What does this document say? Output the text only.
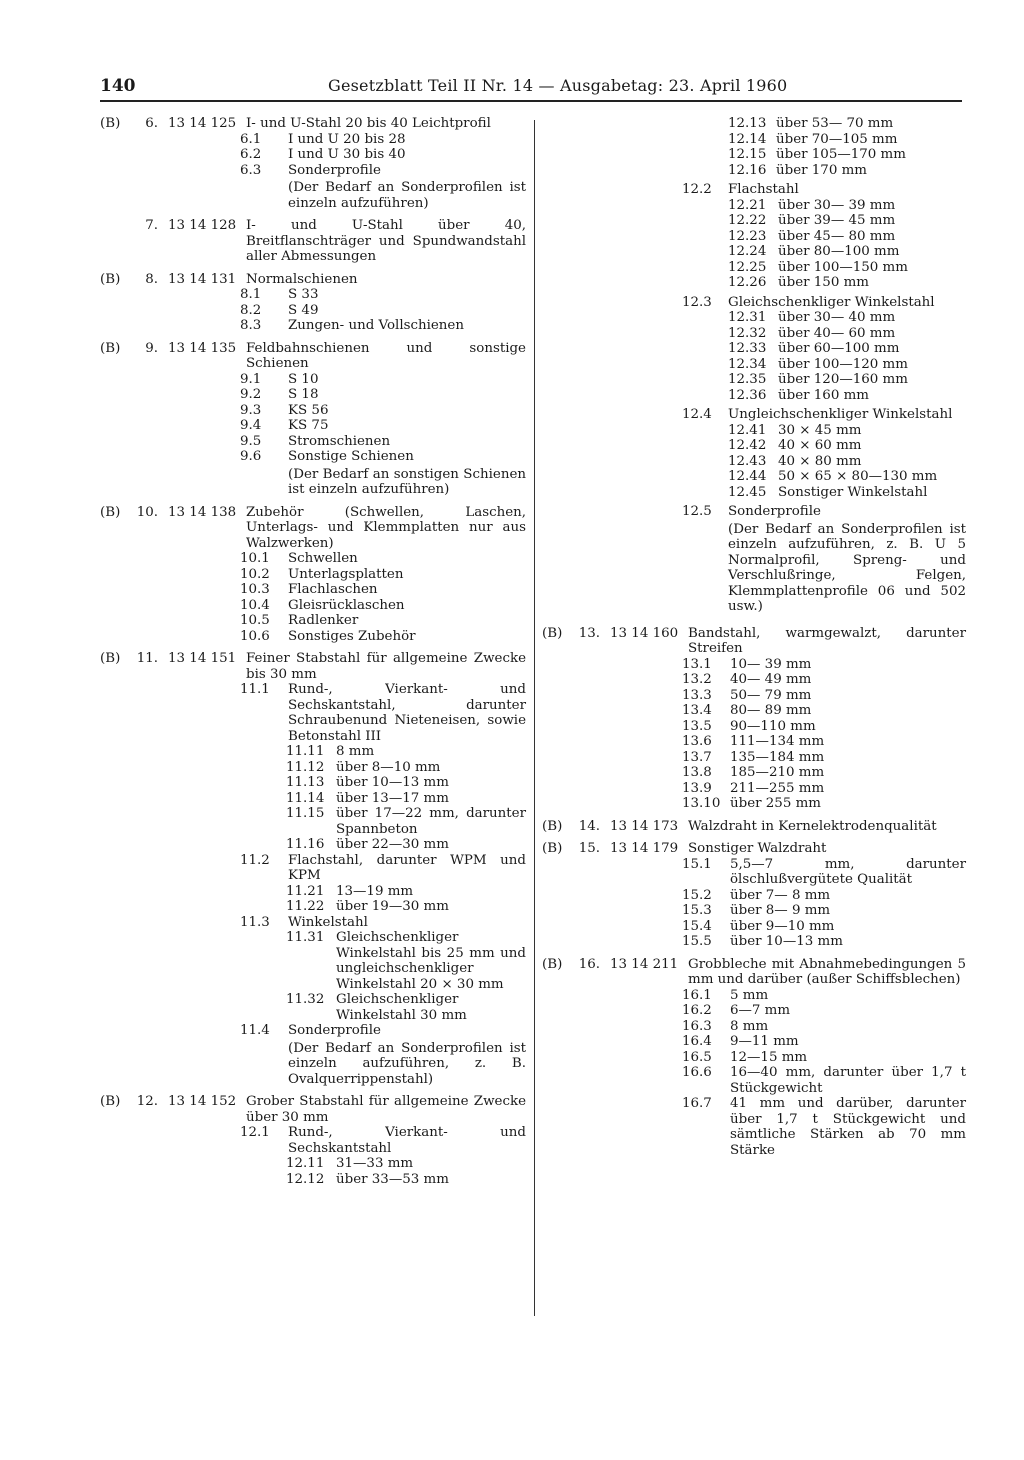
140	Gesetzblatt Teil II Nr. 14 — Ausgabetag: 23. April 1960
(B)	6. 13 14 125 I- und U-Stahl 20 bis 40 Leichtprofil
6.1	I und U 20 bis 28
6.2	I und U 30 bis 40
6.3	Sonderprofile
(Der Bedarf an Sonderprofilen ist einzeln aufzuführen)
7. 13 14 128 I- und U-Stahl über 40, Breitflanschträger und Spundwandstahl aller Abmessungen
(B)	8. 13 14 131 Normalschienen
8.1	S 33
8.2	S 49
8.3	Zungen- und Vollschienen
(B)	9. 13 14 135 Feldbahnschienen und sonstige Schienen
9.1	S 10
9.2	S 18
9.3	KS 56
9.4	KS 75
9.5	Stromschienen
9.6	Sonstige Schienen
(Der Bedarf an sonstigen Schienen ist einzeln aufzuführen)
(B)	10. 13 14 138 Zubehör (Schwellen, Laschen, Unterlags- und Klemmplatten nur aus Walzwerken)
10.1	Schwellen
10.2	Unterlagsplatten
10.3	Flachlaschen
10.4	Gleisrücklaschen
10.5	Radlenker
10.6	Sonstiges Zubehör
(B)	11. 13 14 151 Feiner Stabstahl für allgemeine Zwecke bis 30 mm
11.1	Rund-, Vierkant- und Sechskantstahl, darunter Schraubenund Nieteneisen, sowie Betonstahl III
11.11 8 mm
11.12 über 8—10 mm
11.13 über 10—13 mm
11.14 über 13—17 mm
11.15 über 17—22 mm, darunter Spannbeton
11.16 über 22—30 mm
11.2	Flachstahl, darunter WPM und KPM
11.21 13—19 mm
11.22 über 19—30 mm
11.3	Winkelstahl
11.31 Gleichschenkliger Winkelstahl bis 25 mm und ungleichschenkliger Winkelstahl 20 × 30 mm
11.32 Gleichschenkliger Winkelstahl 30 mm
11.4	Sonderprofile
(Der Bedarf an Sonderprofilen ist einzeln aufzuführen, z. B. Ovalquerrippenstahl)
(B)	12. 13 14 152 Grober Stabstahl für allgemeine Zwecke über 30 mm
12.1	Rund-, Vierkant- und Sechskantstahl
12.11 31—33 mm
12.12 über 33—53 mm
12.13 über 53— 70 mm
12.14 über 70—105 mm
12.15 über 105—170 mm
12.16 über 170 mm
12.2	Flachstahl
12.21 über 30— 39 mm
12.22 über 39— 45 mm
12.23 über 45— 80 mm
12.24 über 80—100 mm
12.25 über 100—150 mm
12.26 über 150 mm
12.3	Gleichschenkliger Winkelstahl
12.31 über 30— 40 mm
12.32 über 40— 60 mm
12.33 über 60—100 mm
12.34 über 100—120 mm
12.35 über 120—160 mm
12.36 über 160 mm
12.4	Ungleichschenkliger Winkelstahl
12.41 30 × 45 mm
12.42 40 × 60 mm
12.43 40 × 80 mm
12.44 50 × 65 × 80—130 mm
12.45 Sonstiger Winkelstahl
12.5	Sonderprofile
(Der Bedarf an Sonderprofilen ist einzeln aufzuführen, z. B. U 5 Normalprofil, Spreng- und Verschlußringe, Felgen, Klemmplattenprofile 06 und 502 usw.)
(B)	13. 13 14 160 Bandstahl, warmgewalzt, darunter Streifen
13.1	10— 39 mm
13.2	40— 49 mm
13.3	50— 79 mm
13.4	80— 89 mm
13.5	90—110 mm
13.6	111—134 mm
13.7	135—184 mm
13.8	185—210 mm
13.9	211—255 mm
13.10 über 255 mm
(B)	14. 13 14 173 Walzdraht in Kernelektrodenqualität
(B)	15. 13 14 179 Sonstiger Walzdraht
15.1	5,5—7 mm, darunter ölschlußvergütete Qualität
15.2	über 7— 8 mm
15.3	über 8— 9 mm
15.4	über 9—10 mm
15.5	über 10—13 mm
(B)	16. 13 14 211 Grobbleche mit Abnahmebedingungen 5 mm und darüber (außer Schiffsblechen)
16.1	5 mm
16.2	6—7 mm
16.3	8 mm
16.4	9—11 mm
16.5	12—15 mm
16.6	16—40 mm, darunter über 1,7 t Stückgewicht
16.7	41 mm und darüber, darunter über 1,7 t Stückgewicht und sämtliche Stärken ab 70 mm Stärke
